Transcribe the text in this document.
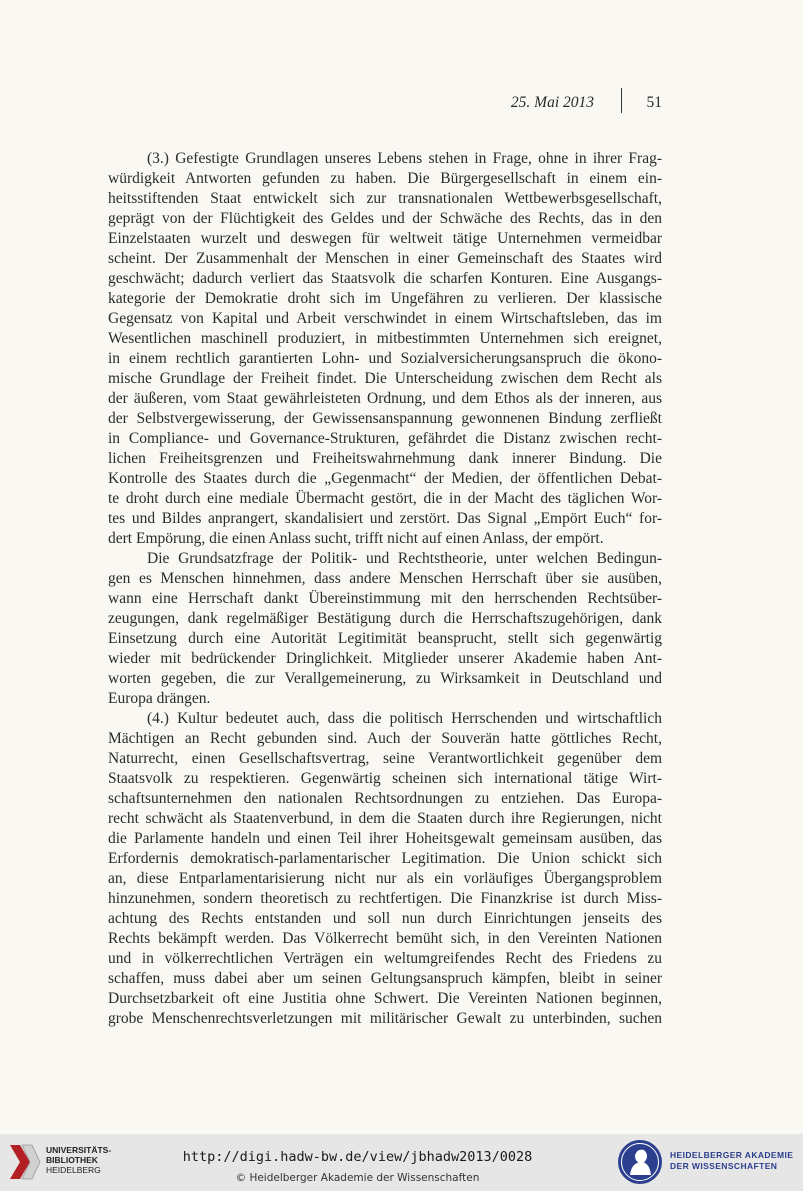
25. Mai 2013	51
(3.) Gefestigte Grundlagen unseres Lebens stehen in Frage, ohne in ihrer Frag-
würdigkeit Antworten gefunden zu haben. Die Bürgergesellschaft in einem ein-
heitsstiftenden Staat entwickelt sich zur transnationalen Wettbewerbsgesellschaft,
geprägt von der Flüchtigkeit des Geldes und der Schwäche des Rechts, das in den
Einzelstaaten wurzelt und deswegen für weltweit tätige Unternehmen vermeidbar
scheint. Der Zusammenhalt der Menschen in einer Gemeinschaft des Staates wird
geschwächt; dadurch verliert das Staatsvolk die scharfen Konturen. Eine Ausgangs-
kategorie der Demokratie droht sich im Ungefähren zu verlieren. Der klassische
Gegensatz von Kapital und Arbeit verschwindet in einem Wirtschaftsleben, das im
Wesentlichen maschinell produziert, in mitbestimmten Unternehmen sich ereignet,
in einem rechtlich garantierten Lohn- und Sozialversicherungsanspruch die ökono-
mische Grundlage der Freiheit findet. Die Unterscheidung zwischen dem Recht als
der äußeren, vom Staat gewährleisteten Ordnung, und dem Ethos als der inneren, aus
der Selbstvergewisserung, der Gewissensanspannung gewonnenen Bindung zerfließt
in Compliance- und Governance-Strukturen, gefährdet die Distanz zwischen recht-
lichen Freiheitsgrenzen und Freiheitswahrnehmung dank innerer Bindung. Die
Kontrolle des Staates durch die „Gegenmacht“ der Medien, der öffentlichen Debat-
te droht durch eine mediale Übermacht gestört, die in der Macht des täglichen Wor-
tes und Bildes anprangert, skandalisiert und zerstört. Das Signal „Empört Euch“ for-
dert Empörung, die einen Anlass sucht, trifft nicht auf einen Anlass, der empört.
Die Grundsatzfrage der Politik- und Rechtstheorie, unter welchen Bedingun-
gen es Menschen hinnehmen, dass andere Menschen Herrschaft über sie ausüben,
wann eine Herrschaft dankt Übereinstimmung mit den herrschenden Rechtsüber-
zeugungen, dank regelmäßiger Bestätigung durch die Herrschaftszugehörigen, dank
Einsetzung durch eine Autorität Legitimität beansprucht, stellt sich gegenwärtig
wieder mit bedrückender Dringlichkeit. Mitglieder unserer Akademie haben Ant-
worten gegeben, die zur Verallgemeinerung, zu Wirksamkeit in Deutschland und
Europa drängen.
(4.) Kultur bedeutet auch, dass die politisch Herrschenden und wirtschaftlich
Mächtigen an Recht gebunden sind. Auch der Souverän hatte göttliches Recht,
Naturrecht, einen Gesellschaftsvertrag, seine Verantwortlichkeit gegenüber dem
Staatsvolk zu respektieren. Gegenwärtig scheinen sich international tätige Wirt-
schaftsunternehmen den nationalen Rechtsordnungen zu entziehen. Das Europa-
recht schwächt als Staatenverbund, in dem die Staaten durch ihre Regierungen, nicht
die Parlamente handeln und einen Teil ihrer Hoheitsgewalt gemeinsam ausüben, das
Erfordernis demokratisch-parlamentarischer Legitimation. Die Union schickt sich
an, diese Entparlamentarisierung nicht nur als ein vorläufiges Übergangsproblem
hinzunehmen, sondern theoretisch zu rechtfertigen. Die Finanzkrise ist durch Miss-
achtung des Rechts entstanden und soll nun durch Einrichtungen jenseits des
Rechts bekämpft werden. Das Völkerrecht bemüht sich, in den Vereinten Nationen
und in völkerrechtlichen Verträgen ein weltumgreifendes Recht des Friedens zu
schaffen, muss dabei aber um seinen Geltungsanspruch kämpfen, bleibt in seiner
Durchsetzbarkeit oft eine Justitia ohne Schwert. Die Vereinten Nationen beginnen,
grobe Menschenrechtsverletzungen mit militärischer Gewalt zu unterbinden, suchen
UNIVERSITÄTS-
BIBLIOTHEK
HEIDELBERG
http://digi.hadw-bw.de/view/jbhadw2013/0028
© Heidelberger Akademie der Wissenschaften
HEIDELBERGER AKADEMIE
DER WISSENSCHAFTEN
